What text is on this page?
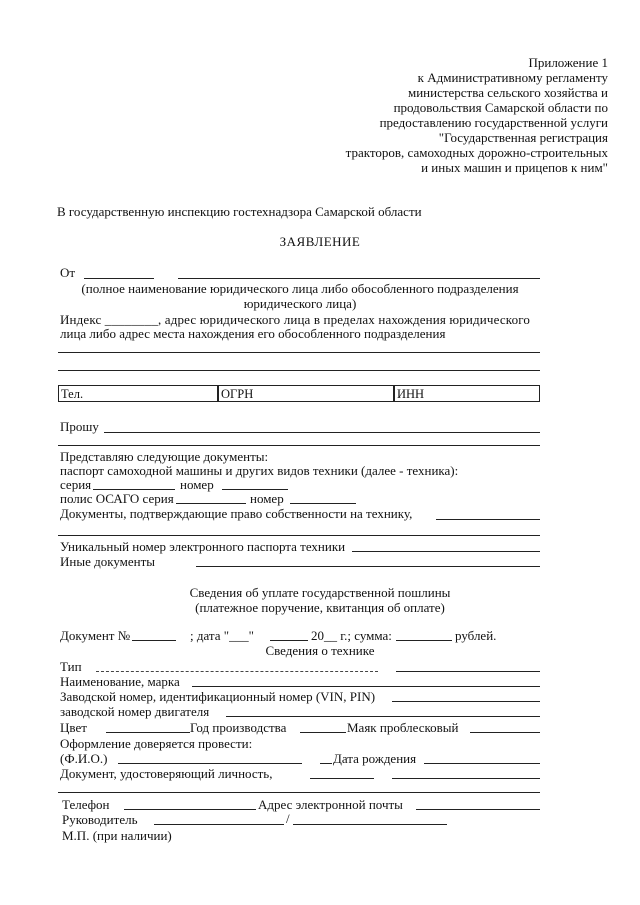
Приложение 1
к Административному регламенту
министерства сельского хозяйства и
продовольствия Самарской области по
предоставлению государственной услуги
"Государственная регистрация
тракторов, самоходных дорожно-строительных
и иных машин и прицепов к ним"
В государственную инспекцию гостехнадзора Самарской области
ЗАЯВЛЕНИЕ
От
(полное наименование юридического лица либо обособленного подразделения
юридического лица)
Индекс ________, адрес юридического лица в пределах нахождения юридического
лица либо адрес места нахождения его обособленного подразделения
Тел.	ОГРН	ИНН
Прошу
Представляю следующие документы:
паспорт самоходной машины и других видов техники (далее - техника):
серия	номер
полис ОСАГО серия	номер
Документы, подтверждающие право собственности на технику,
Уникальный номер электронного паспорта техники
Иные документы
Сведения об уплате государственной пошлины
(платежное поручение, квитанция об оплате)
Документ №	; дата "___"	20__ г.; сумма:	рублей.
Сведения о технике
Тип
Наименование, марка
Заводской номер, идентификационный номер (VIN, PIN)
заводской номер двигателя
Цвет	Год производства	Маяк проблесковый
Оформление доверяется провести:
(Ф.И.О.)	Дата рождения
Документ, удостоверяющий личность,
Телефон	Адрес электронной почты
Руководитель	/
М.П. (при наличии)
